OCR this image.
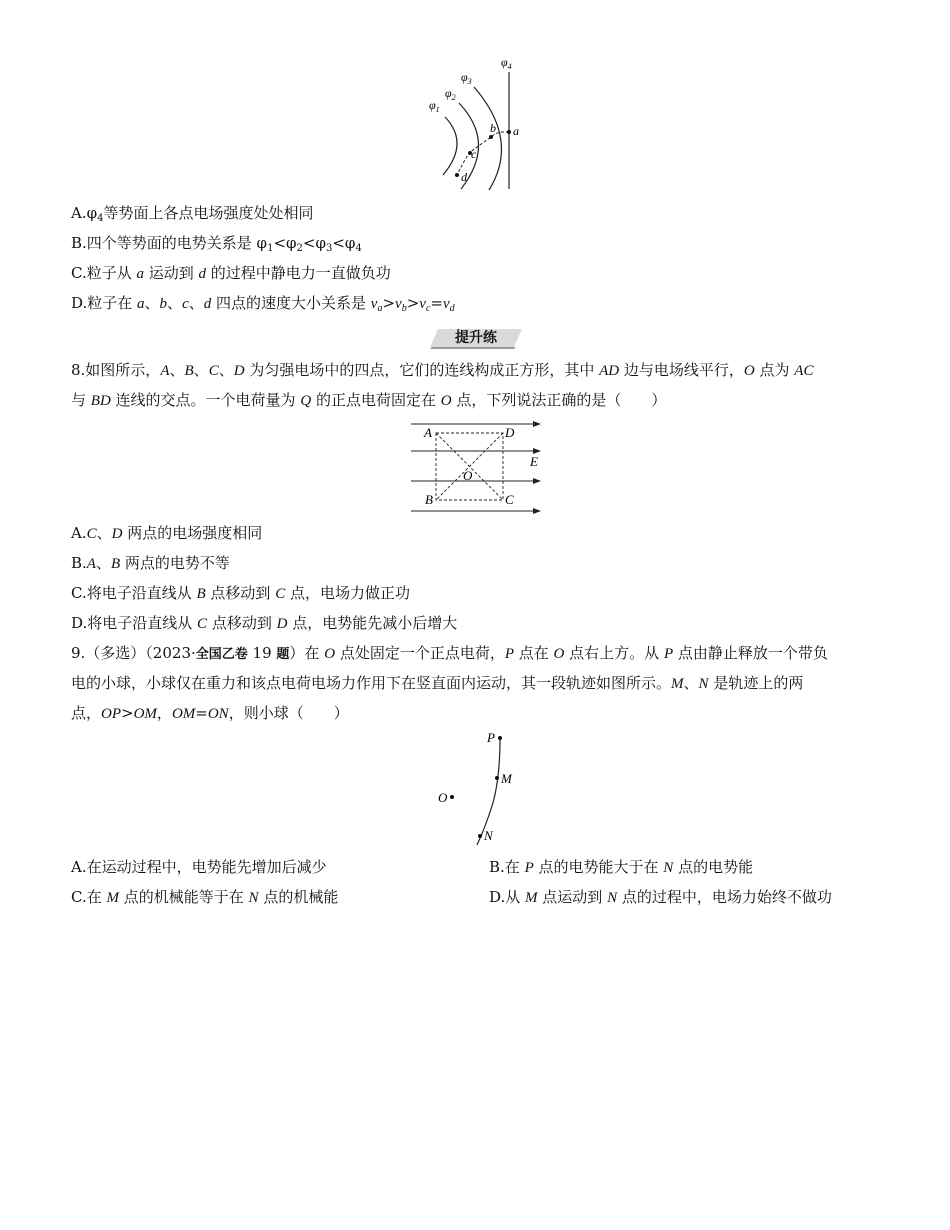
$\varphi_1$
$\varphi_2$
$\varphi_3$
$\varphi_4$
a
b
c
d
$A.\varphi_4$等势面上各点电场强度处处相同
B.四个等势面的电势关系是 $\varphi_1<\varphi_2<\varphi_3<\varphi_4$
C.粒子从 a 运动到 d 的过程中静电力一直做负功
D.粒子在 a、b、c、d 四点的速度大小关系是 $v_a>v_b>v_c=v_d$
提升练
8.如图所示，A、B、C、D 为匀强电场中的四点，它们的连线构成正方形，其中 AD 边与电场线平行，O 点为 AC
与 BD 连线的交点。一个电荷量为 Q 的正点电荷固定在 O 点，下列说法正确的是（　　）
A	D
B	C
O
E
A.C、D 两点的电场强度相同
B.A、B 两点的电势不等
C.将电子沿直线从 B 点移动到 C 点，电场力做正功
D.将电子沿直线从 C 点移动到 D 点，电势能先减小后增大
9.（多选）（2023·全国乙卷 19 题）在 O 点处固定一个正点电荷，P 点在 O 点右上方。从 P 点由静止释放一个带负
电的小球，小球仅在重力和该点电荷电场力作用下在竖直面内运动，其一段轨迹如图所示。M、N 是轨迹上的两
点，OP>OM，OM=ON，则小球（　　）
P
M
N
O
A.在运动过程中，电势能先增加后减少	B.在 P 点的电势能大于在 N 点的电势能
C.在 M 点的机械能等于在 N 点的机械能	D.从 M 点运动到 N 点的过程中，电场力始终不做功
